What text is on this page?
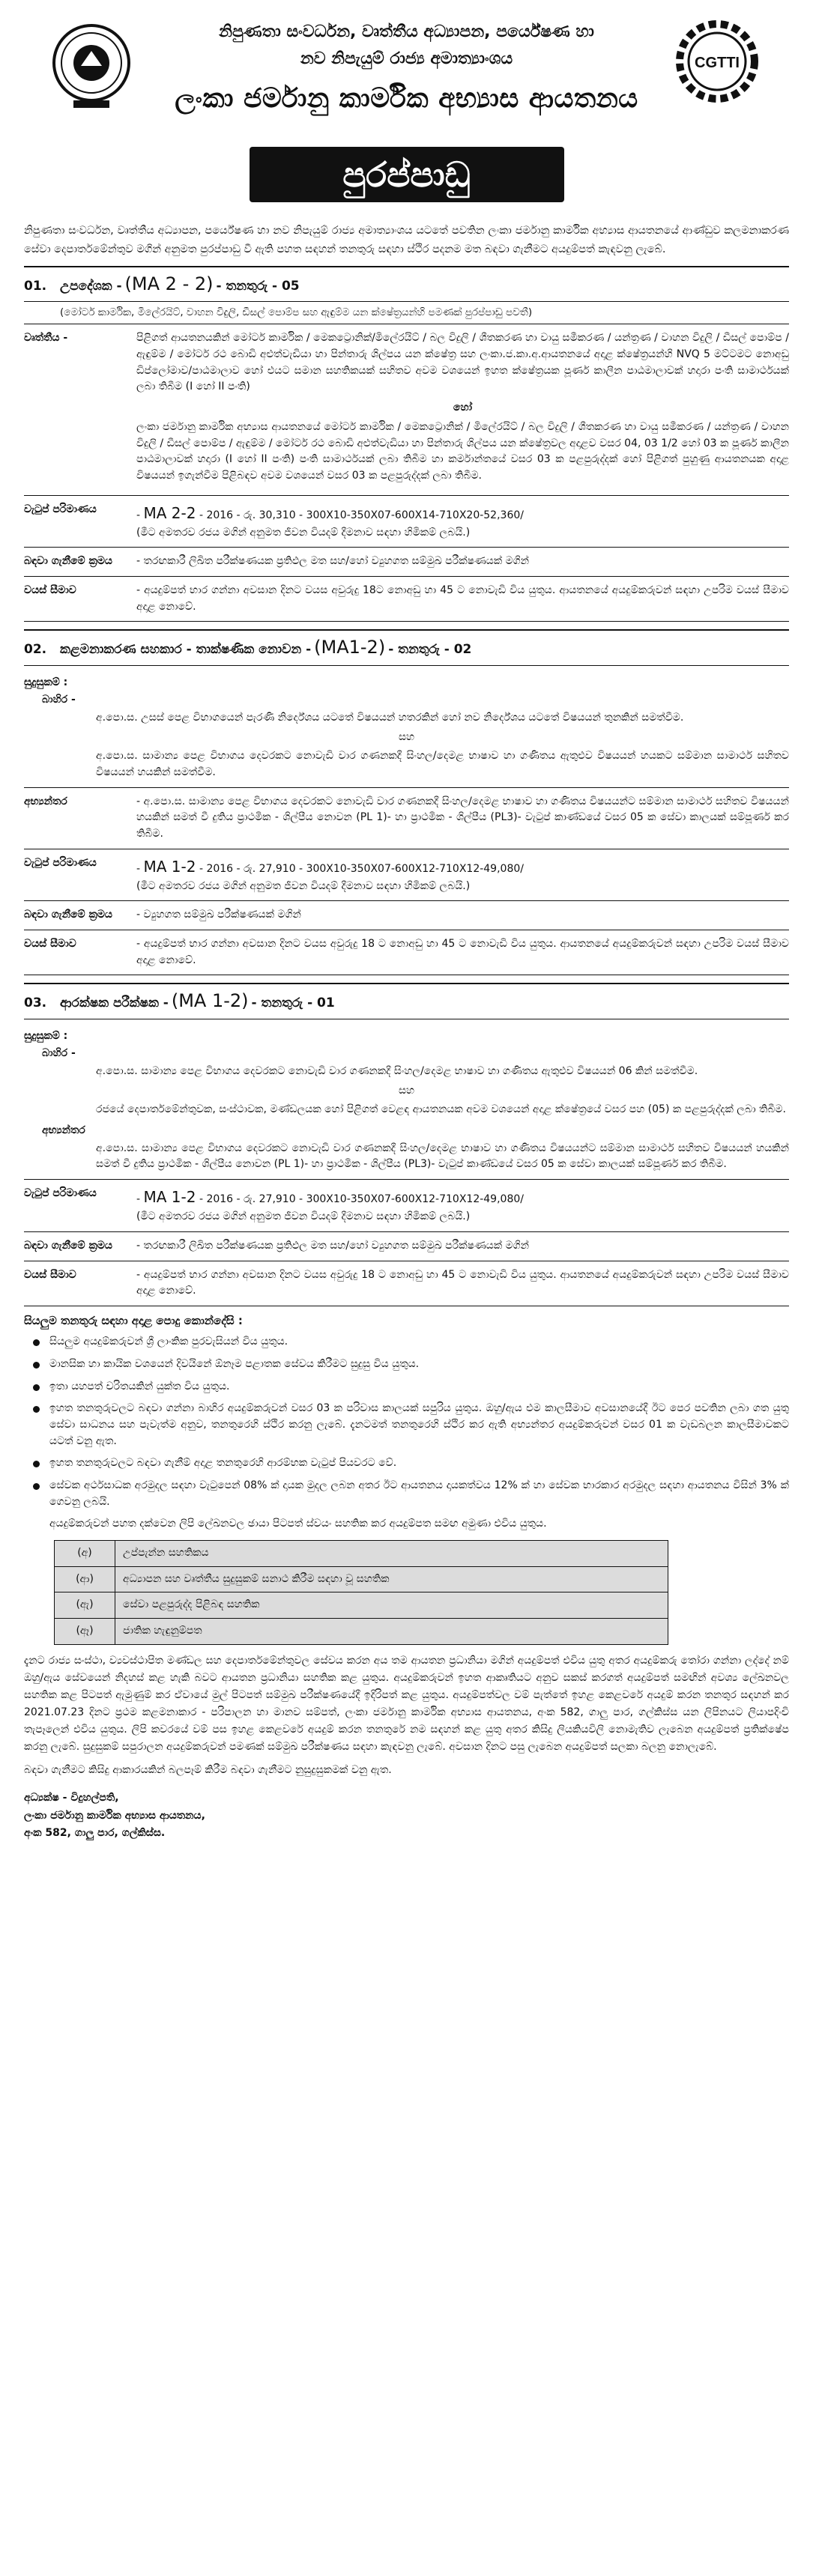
නිපුණතා සංවර්ධන, වෘත්තීය අධ්‍යාපන, පර්යේෂණ හා
නව නිපැයුම් රාජ්‍ය අමාත්‍යාංශය
ලංකා ජර්මානු කාර්මික අභ්‍යාස ආයතනය
CGTTI
පුරප්පාඩු
නිපුණතා සංවර්ධන, වෘත්තීය අධ්‍යාපන, පර්යේෂණ හා නව නිපැයුම් රාජ්‍ය අමාත්‍යාංශය යටතේ පවතින ලංකා ජර්මානු කාර්මික අභ්‍යාස ආයතනයේ ආණ්ඩුව කලමනාකරණ සේවා දෙපාර්තමේන්තුව මගින් අනුමත පුරප්පාඩු වී ඇති පහත සඳහන් තනතුරු සඳහා ස්ථිර පදනම මත බඳවා ගැනීමට අයදුම්පත් කැඳවනු ලැබේ.
01.	උපදේශක - (MA 2 - 2) - තනතුරු - 05
(මෝටර් කාර්මික, මිලේරයිට්, වාහන විදුලි, ඩීසල් පොම්ප සහ ඇඳුම්ම යන ක්ෂේත්‍රයන්හි පමණක් පුරප්පාඩු පවතී)
වෘත්තීය -	පිළිගත් ආයතනයකින් මෝටර් කාර්මික / මෙකට්‍රොනික්/මිලේරයිට් / බල විදුලි / ශීතකරණ හා වායු සමීකරණ / යන්ත්‍රණ / වාහන විදුලි / ඩීසල් පොම්ප / ඇඳුම්ම / මෝටර් රථ බොඩි අළුත්වැඩියා හා පින්තාරු ශිල්පය යන ක්ෂේත්‍ර සහ ලංකා.ජ.කා.අ.ආයතනයේ අදාළ ක්ෂේත්‍රයන්හි NVQ 5 මට්ටමට නොඅඩු ඩිප්ලෝමාව/පාඨමාලාව හෝ එයට සමාන සහතිකයක් සහිතව අවම වශයෙන් ඉහත ක්ෂේත්‍රයක පූර්ණ කාලීන පාඨමාලාවක් හදාරා පංති සාමාර්ථයක් ලබා තිබීම (I හෝ II පංති)

හෝ

ලංකා ජර්මානු කාර්මික අභ්‍යාස ආයතනයේ මෝටර් කාර්මික / මෙකට්‍රොනික් / මිලේරයිට් / බල විදුලි / ශීතකරණ හා වායු සමීකරණ / යන්ත්‍රණ / වාහන විදුලි / ඩීසල් පොම්ප / ඇඳුම්ම / මෝටර් රථ බොඩි අළුත්වැඩියා හා පින්තාරු ශිල්පය යන ක්ෂේත්‍රවල අදාළව වසර 04, 03 1/2 හෝ 03 ක පූර්ණ කාලීන පාඨමාලාවක් හදාරා (I හෝ II පංති) පංති සාමාර්ථයක් ලබා තිබීම හා කර්මාන්තයේ වසර 03 ක පළපුරුද්දක් හෝ පිළිගත් පුහුණු ආයතනයක අදාළ විෂයයන් ඉගැන්වීම පිළිබඳව අවම වශයෙන් වසර 03 ක පළපුරුද්දක් ලබා තිබීම.

වැටුප් පරිමාණය	- MA 2-2 - 2016 - රු. 30,310 - 300X10-350X07-600X14-710X20-52,360/
(මීට අමතරව රජය මගින් අනුමත ජීවන වියදම් දීමනාව සඳහා හිමිකම් ලබයි.)
බඳවා ගැනීමේ ක්‍රමය	- තරඟකාරී ලිඛිත පරීක්ෂණයක ප්‍රතිඵල මත සහ/හෝ ව්‍යුහගත සම්මුඛ පරීක්ෂණයක් මගින්
වයස් සීමාව	- අයදුම්පත් භාර ගන්නා අවසාන දිනට වයස අවුරුදු 18ට නොඅඩු හා 45 ට නොවැඩි විය යුතුය. ආයතනයේ අයදුම්කරුවන් සඳහා උපරිම වයස් සීමාව අදාළ නොවේ.
02.	කළමනාකරණ සහකාර - තාක්ෂණික නොවන - (MA1-2) - තනතුරු - 02
සුදුසුකම් :
බාහිර -
අ.පො.ස. උසස් පෙළ විභාගයෙන් පැරණි නිර්දේශය යටතේ විෂයයන් හතරකින් හෝ නව නිර්දේශය යටතේ විෂයයන් තුනකින් සමත්වීම.
සහ
අ.පො.ස. සාමාන්‍ය පෙළ විභාගය දෙවරකට නොවැඩි වාර ගණනකදී සිංහල/දෙමළ භාෂාව හා ගණිතය ඇතුළුව විෂයයන් හයකට සම්මාන සාමාර්ථ සහිතව විෂයයන් හයකින් සමත්වීම.
අභ්‍යන්තර	- අ.පො.ස. සාමාන්‍ය පෙළ විභාගය දෙවරකට නොවැඩි වාර ගණනකදී සිංහල/දෙමළ භාෂාව හා ගණිතය විෂයයන්ට සම්මාන සාමාර්ථ සහිතව විෂයයන් හයකින් සමත් වී දුතිය ප්‍රාථමික - ශිල්පීය නොවන (PL 1)- හා ප්‍රාථමික - ශිල්පීය (PL3)- වැටුප් කාණ්ඩයේ වසර 05 ක සේවා කාලයක් සම්පූර්ණ කර තිබීම.
වැටුප් පරිමාණය	- MA 1-2 - 2016 - රු. 27,910 - 300X10-350X07-600X12-710X12-49,080/
(මීට අමතරව රජය මගින් අනුමත ජීවන වියදම් දීමනාව සඳහා හිමිකම් ලබයි.)
බඳවා ගැනීමේ ක්‍රමය	- ව්‍යුහගත සම්මුඛ පරීක්ෂණයක් මගින්
වයස් සීමාව	- අයදුම්පත් භාර ගන්නා අවසාන දිනට වයස අවුරුදු 18 ට නොඅඩු හා 45 ට නොවැඩි විය යුතුය. ආයතනයේ අයදුම්කරුවන් සඳහා උපරිම වයස් සීමාව අදාළ නොවේ.
03.	ආරක්ෂක පරීක්ෂක - (MA 1-2) - තනතුරු - 01
සුදුසුකම් :
බාහිර -
අ.පො.ස. සාමාන්‍ය පෙළ විභාගය දෙවරකට නොවැඩි වාර ගණනකදී සිංහල/දෙමළ භාෂාව හා ගණිතය ඇතුළුව විෂයයන් 06 කින් සමත්වීම.
සහ
රජයේ දෙපාර්තමේන්තුවක, සංස්ථාවක, මණ්ඩලයක හෝ පිළිගත් වෙළඳ ආයතනයක අවම වශයෙන් අදාළ ක්ෂේත්‍රයේ වසර පහ (05) ක පළපුරුද්දක් ලබා තිබීම.
අභ්‍යන්තර
අ.පො.ස. සාමාන්‍ය පෙළ විභාගය දෙවරකට නොවැඩි වාර ගණනකදී සිංහල/දෙමළ භාෂාව හා ගණිතය විෂයයන්ට සම්මාන සාමාර්ථ සහිතව විෂයයන් හයකින් සමත් වී දුතිය ප්‍රාථමික - ශිල්පීය නොවන (PL 1)- හා ප්‍රාථමික - ශිල්පීය (PL3)- වැටුප් කාණ්ඩයේ වසර 05 ක සේවා කාලයක් සම්පූර්ණ කර තිබීම.
වැටුප් පරිමාණය	- MA 1-2 - 2016 - රු. 27,910 - 300X10-350X07-600X12-710X12-49,080/
(මීට අමතරව රජය මගින් අනුමත ජීවන වියදම් දීමනාව සඳහා හිමිකම් ලබයි.)
බඳවා ගැනීමේ ක්‍රමය	- තරඟකාරී ලිඛිත පරීක්ෂණයක ප්‍රතිඵල මත සහ/හෝ ව්‍යුහගත සම්මුඛ පරීක්ෂණයක් මගින්
වයස් සීමාව	- අයදුම්පත් භාර ගන්නා අවසාන දිනට වයස අවුරුදු 18 ට නොඅඩු හා 45 ට නොවැඩි විය යුතුය. ආයතනයේ අයදුම්කරුවන් සඳහා උපරිම වයස් සීමාව අදාළ නොවේ.
සියලුම තනතුරු සඳහා අදාළ පොදු කොන්දේසි :
සියලුම අයදුම්කරුවන් ශ්‍රී ලාංකික පුරවැසියන් විය යුතුය.
මානසික හා කායික වශයෙන් දිවයිනේ ඕනෑම පළාතක සේවය කිරීමට සුදුසු විය යුතුය.
ඉතා යහපත් චරිතයකින් යුක්ත විය යුතුය.
ඉහත තනතුරුවලට බඳවා ගන්නා බාහිර අයදුම්කරුවන් වසර 03 ක පරිවාස කාලයක් සපුරිය යුතුය. ඔහු/ඇය එම කාලසීමාව අවසානයේදී ඊට පෙර පවතින ලබා ගත යුතු සේවා සාධනය සහ පැවැත්ම අනුව, තනතුරෙහි ස්ථිර කරනු ලැබේ. දැනටමත් තනතුරෙහි ස්ථිර කර ඇති අභ්‍යන්තර අයදුම්කරුවන් වසර 01 ක වැඩබලන කාලසීමාවකට යටත් වනු ඇත.
ඉහත තනතුරුවලට බඳවා ගැනීම් අදාළ තනතුරෙහි ආරම්භක වැටුප් පියවරට වේ.
සේවක අර්ථසාධක අරමුදල සඳහා වැටුපෙන් 08% ක් දායක මුදල ලබන අතර ඊට ආයතනය දායකත්වය 12% ක් හා සේවක භාරකාර අරමුදල සඳහා ආයතනය විසින් 3% ක් ගෙවනු ලබයි.
අයදුම්කරුවන් පහත දක්වෙන ලිපි ලේඛනවල ඡායා පිටපත් ස්වයං සහතික කර අයදුම්පත සමඟ අමුණා එවිය යුතුය.
(අ)	උප්පැන්න සහතිකය
(ආ)	අධ්‍යාපන සහ වෘත්තීය සුදුසුකම් සනාථ කිරීම සඳහා වූ සහතික
(ඇ)	සේවා පළපුරුද්ද පිළිබඳ සහතික
(ඈ)	ජාතික හැඳුනුම්පත
දැනට රාජ්‍ය සංස්ථා, ව්‍යවස්ථාපිත මණ්ඩල සහ දෙපාර්තමේන්තුවල සේවය කරන අය තම ආයතන ප්‍රධානියා මගින් අයදුම්පත් එවිය යුතු අතර අයදුම්කරු තෝරා ගන්නා ලද්දේ නම් ඔහු/ඇය සේවයෙන් නිදහස් කළ හැකි බවට ආයතන ප්‍රධානියා සහතික කළ යුතුය. අයදුම්කරුවන් ඉහත ආකෘතියට අනුව සකස් කරගත් අයදුම්පත් සමඟින් අවශ්‍ය ලේඛනවල සහතික කළ පිටපත් ඇමුණුම් කර ඒවායේ මුල් පිටපත් සම්මුඛ පරීක්ෂණයේදී ඉදිරිපත් කළ යුතුය. අයදුම්පත්වල වම් පැත්තේ ඉහළ කෙළවරේ අයදුම් කරන තනතුර සඳහන් කර 2021.07.23 දිනට ප්‍රථම කළමනාකාර - පරිපාලන හා මානව සම්පත්, ලංකා ජර්මානු කාර්මික අභ්‍යාස ආයතනය, අංක 582, ගාලු පාර, ගල්කිස්ස යන ලිපිනයට ලියාපදිංචි තැපෑලෙන් එවිය යුතුය. ලිපි කවරයේ වම් පස ඉහළ කෙළවරේ අයදුම් කරන තනතුරේ නම සඳහන් කළ යුතු අතර කිසිදු ලියකියවිලි නොමැතිව ලැබෙන අයදුම්පත් ප්‍රතික්ෂේප කරනු ලැබේ. සුදුසුකම් සපුරාලන අයදුම්කරුවන් පමණක් සම්මුඛ පරීක්ෂණය සඳහා කැඳවනු ලැබේ. අවසාන දිනට පසු ලැබෙන අයදුම්පත් සලකා බලනු නොලැබේ.
බඳවා ගැනීමට කිසිදු ආකාරයකින් බලපෑම් කිරීම බඳවා ගැනීමට නුසුදුසුකමක් වනු ඇත.
අධ්‍යක්ෂ - විදුහල්පති,
ලංකා ජර්මානු කාර්මික අභ්‍යාස ආයතනය,
අංක 582, ගාලු පාර, ගල්කිස්ස.
